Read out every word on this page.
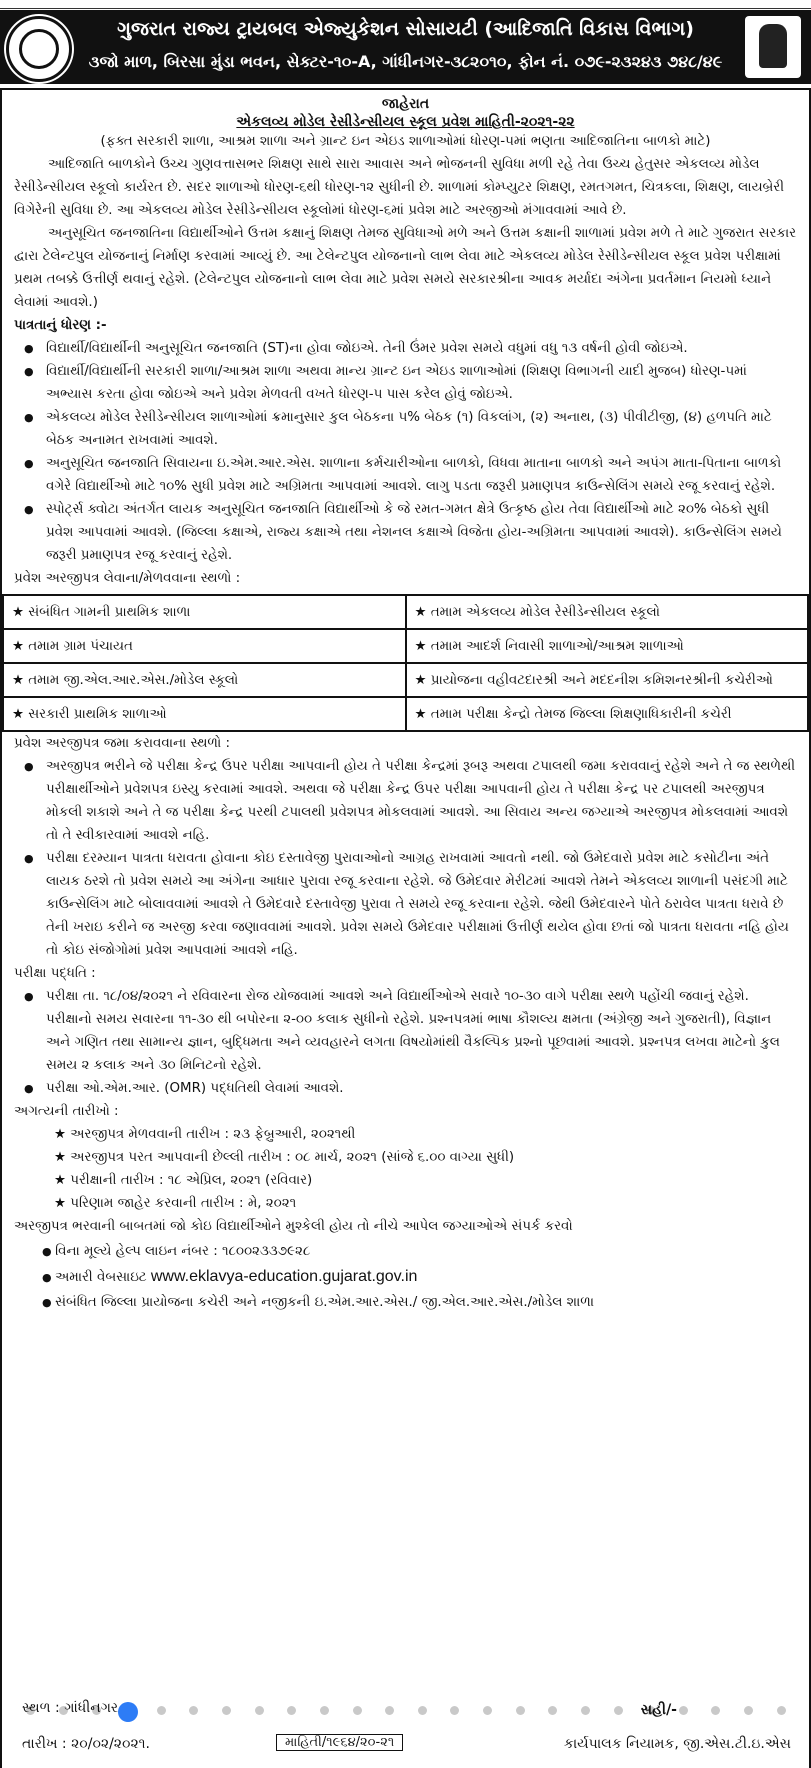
ગુજરાત રાજ્ય ટ્રાયબલ એજ્યુકેશન સોસાયટી (આદિજાતિ વિકાસ વિભાગ)
૩જો માળ, બિરસા મુંડા ભવન, સેક્ટર-૧૦-A, ગાંધીનગર-૩૮૨૦૧૦, ફોન નં. ૦૭૯-૨૩૨૪૩ ૭૪૮/૪૯
જાહેરાત
એકલવ્ય મોડેલ રેસીડેન્સીયલ સ્કૂલ પ્રવેશ માહિતી-૨૦૨૧-૨૨

(ફક્ત સરકારી શાળા, આશ્રમ શાળા અને ગ્રાન્ટ ઇન એઇડ શાળાઓમાં ધોરણ-૫માં ભણતા આદિજાતિના બાળકો માટે)

આદિજાતિ બાળકોને ઉચ્ચ ગુણવત્તાસભર શિક્ષણ સાથે સારા આવાસ અને ભોજનની સુવિધા મળી રહે તેવા ઉચ્ચ હેતુસર એકલવ્ય મોડેલ રેસીડેન્સીયલ સ્કૂલો કાર્યરત છે. સદર શાળાઓ ધોરણ-૬થી ધોરણ-૧૨ સુધીની છે. શાળામાં કોમ્પ્યુટર શિક્ષણ, રમતગમત, ચિત્રકલા, શિક્ષણ, લાયબ્રેરી વિગેરેની સુવિધા છે. આ એકલવ્ય મોડેલ રેસીડેન્સીયલ સ્કૂલોમાં ધોરણ-૬માં પ્રવેશ માટે અરજીઓ મંગાવવામાં આવે છે.

અનુસૂચિત જનજાતિના વિદ્યાર્થીઓને ઉત્તમ કક્ષાનું શિક્ષણ તેમજ સુવિધાઓ મળે અને ઉત્તમ કક્ષાની શાળામાં પ્રવેશ મળે તે માટે ગુજરાત સરકાર દ્વારા ટેલેન્ટપુલ યોજનાનું નિર્માણ કરવામાં આવ્યું છે. આ ટેલેન્ટપુલ યોજનાનો લાભ લેવા માટે એકલવ્ય મોડેલ રેસીડેન્સીયલ સ્કૂલ પ્રવેશ પરીક્ષામાં પ્રથમ તબક્કે ઉત્તીર્ણ થવાનું રહેશે. (ટેલેન્ટપુલ યોજનાનો લાભ લેવા માટે પ્રવેશ સમયે સરકારશ્રીના આવક મર્યાદા અંગેના પ્રવર્તમાન નિયમો ધ્યાને લેવામાં આવશે.)

પાત્રતાનું ધોરણ :-

● વિદ્યાર્થી/વિદ્યાર્થીની અનુસૂચિત જનજાતિ (ST)ના હોવા જોઇએ. તેની ઉંમર પ્રવેશ સમયે વધુમાં વધુ ૧૩ વર્ષની હોવી જોઇએ.
● વિદ્યાર્થી/વિદ્યાર્થીની સરકારી શાળા/આશ્રમ શાળા અથવા માન્ય ગ્રાન્ટ ઇન એઇડ શાળાઓમાં (શિક્ષણ વિભાગની યાદી મુજબ) ધોરણ-૫માં અભ્યાસ કરતા હોવા જોઇએ અને પ્રવેશ મેળવતી વખતે ધોરણ-૫ પાસ કરેલ હોવું જોઇએ.
● એકલવ્ય મોડેલ રેસીડેન્સીયલ શાળાઓમાં ક્રમાનુસાર કુલ બેઠકના ૫% બેઠક (૧) વિકલાંગ, (૨) અનાથ, (૩) પીવીટીજી, (૪) હળપતિ માટે બેઠક અનામત રાખવામાં આવશે.
● અનુસૂચિત જનજાતિ સિવાયના ઇ.એમ.આર.એસ. શાળાના કર્મચારીઓના બાળકો, વિધવા માતાના બાળકો અને અપંગ માતા-પિતાના બાળકો વગેરે વિદ્યાર્થીઓ માટે ૧૦% સુધી પ્રવેશ માટે અગ્રિમતા આપવામાં આવશે. લાગુ પડતા જરૂરી પ્રમાણપત્ર કાઉન્સેલિંગ સમયે રજૂ કરવાનું રહેશે.
● સ્પોર્ટ્સ ક્વોટા અંતર્ગત લાયક અનુસૂચિત જનજાતિ વિદ્યાર્થીઓ કે જે રમત-ગમત ક્ષેત્રે ઉત્કૃષ્ઠ હોય તેવા વિદ્યાર્થીઓ માટે ૨૦% બેઠકો સુધી પ્રવેશ આપવામાં આવશે. (જિલ્લા કક્ષાએ, રાજ્ય કક્ષાએ તથા નેશનલ કક્ષાએ વિજેતા હોય-અગ્રિમતા આપવામાં આવશે). કાઉન્સેલિંગ સમયે જરૂરી પ્રમાણપત્ર રજૂ કરવાનું રહેશે.

પ્રવેશ અરજીપત્ર લેવાના/મેળવવાના સ્થળો :

★ સંબંધિત ગામની પ્રાથમિક શાળા	★ તમામ એકલવ્ય મોડેલ રેસીડેન્સીયલ સ્કૂલો
★ તમામ ગ્રામ પંચાયત	★ તમામ આદર્શ નિવાસી શાળાઓ/આશ્રમ શાળાઓ
★ તમામ જી.એલ.આર.એસ./મોડેલ સ્કૂલો	★ પ્રાયોજના વહીવટદારશ્રી અને મદદનીશ કમિશનરશ્રીની કચેરીઓ
★ સરકારી પ્રાથમિક શાળાઓ	★ તમામ પરીક્ષા કેન્દ્રો તેમજ જિલ્લા શિક્ષણાધિકારીની કચેરી

પ્રવેશ અરજીપત્ર જમા કરાવવાના સ્થળો :

● અરજીપત્ર ભરીને જે પરીક્ષા કેન્દ્ર ઉપર પરીક્ષા આપવાની હોય તે પરીક્ષા કેન્દ્રમાં રૂબરૂ અથવા ટપાલથી જમા કરાવવાનું રહેશે અને તે જ સ્થળેથી પરીક્ષાર્થીઓને પ્રવેશપત્ર ઇસ્યુ કરવામાં આવશે. અથવા જે પરીક્ષા કેન્દ્ર ઉપર પરીક્ષા આપવાની હોય તે પરીક્ષા કેન્દ્ર પર ટપાલથી અરજીપત્ર મોકલી શકાશે અને તે જ પરીક્ષા કેન્દ્ર પરથી ટપાલથી પ્રવેશપત્ર મોકલવામાં આવશે. આ સિવાય અન્ય જગ્યાએ અરજીપત્ર મોકલવામાં આવશે તો તે સ્વીકારવામાં આવશે નહિ.
● પરીક્ષા દરમ્યાન પાત્રતા ધરાવતા હોવાના કોઇ દસ્તાવેજી પુરાવાઓનો આગ્રહ રાખવામાં આવતો નથી. જો ઉમેદવારો પ્રવેશ માટે કસોટીના અંતે લાયક ઠરશે તો પ્રવેશ સમયે આ અંગેના આધાર પુરાવા રજૂ કરવાના રહેશે. જે ઉમેદવાર મેરીટમાં આવશે તેમને એકલવ્ય શાળાની પસંદગી માટે કાઉન્સેલિંગ માટે બોલાવવામાં આવશે તે ઉમેદવારે દસ્તાવેજી પુરાવા તે સમયે રજૂ કરવાના રહેશે. જેથી ઉમેદવારને પોતે ઠરાવેલ પાત્રતા ધરાવે છે તેની ખરાઇ કરીને જ અરજી કરવા જણાવવામાં આવશે. પ્રવેશ સમયે ઉમેદવાર પરીક્ષામાં ઉત્તીર્ણ થયેલ હોવા છતાં જો પાત્રતા ધરાવતા નહિ હોય તો કોઇ સંજોગોમાં પ્રવેશ આપવામાં આવશે નહિ.

પરીક્ષા પદ્ધતિ :

● પરીક્ષા તા. ૧૮/૦૪/૨૦૨૧ ને રવિવારના રોજ યોજવામાં આવશે અને વિદ્યાર્થીઓએ સવારે ૧૦-૩૦ વાગે પરીક્ષા સ્થળે પહોંચી જવાનું રહેશે. પરીક્ષાનો સમય સવારના ૧૧-૩૦ થી બપોરના ૨-૦૦ કલાક સુધીનો રહેશે. પ્રશ્નપત્રમાં ભાષા કૌશલ્ય ક્ષમતા (અંગ્રેજી અને ગુજરાતી), વિજ્ઞાન અને ગણિત તથા સામાન્ય જ્ઞાન, બુદ્ધિમતા અને વ્યવહારને લગતા વિષયોમાંથી વૈકલ્પિક પ્રશ્નો પૂછવામાં આવશે. પ્રશ્નપત્ર લખવા માટેનો કુલ સમય ૨ કલાક અને ૩૦ મિનિટનો રહેશે.
● પરીક્ષા ઓ.એમ.આર. (OMR) પદ્ધતિથી લેવામાં આવશે.

અગત્યની તારીખો :

★ અરજીપત્ર મેળવવાની તારીખ : ૨૩ ફેબ્રુઆરી, ૨૦૨૧થી
★ અરજીપત્ર પરત આપવાની છેલ્લી તારીખ : ૦૮ માર્ચ, ૨૦૨૧ (સાંજે ૬.૦૦ વાગ્યા સુધી)
★ પરીક્ષાની તારીખ : ૧૮ એપ્રિલ, ૨૦૨૧ (રવિવાર)
★ પરિણામ જાહેર કરવાની તારીખ : મે, ૨૦૨૧

અરજીપત્ર ભરવાની બાબતમાં જો કોઇ વિદ્યાર્થીઓને મુશ્કેલી હોય તો નીચે આપેલ જગ્યાઓએ સંપર્ક કરવો

● વિના મૂલ્યે હેલ્પ લાઇન નંબર : ૧૮૦૦૨૩૩૭૯૨૮
● અમારી વેબસાઇટ www.eklavya-education.gujarat.gov.in
● સંબંધિત જિલ્લા પ્રાયોજના કચેરી અને નજીકની ઇ.એમ.આર.એસ./ જી.એલ.આર.એસ./મોડેલ શાળા
સ્થળ : ગાંધીનગર
તારીખ : ૨૦/૦૨/૨૦૨૧.	માહિતી/૧૯૬૪/૨૦-૨૧
સહી/-
કાર્યપાલક નિયામક, જી.એસ.ટી.ઇ.એસ
